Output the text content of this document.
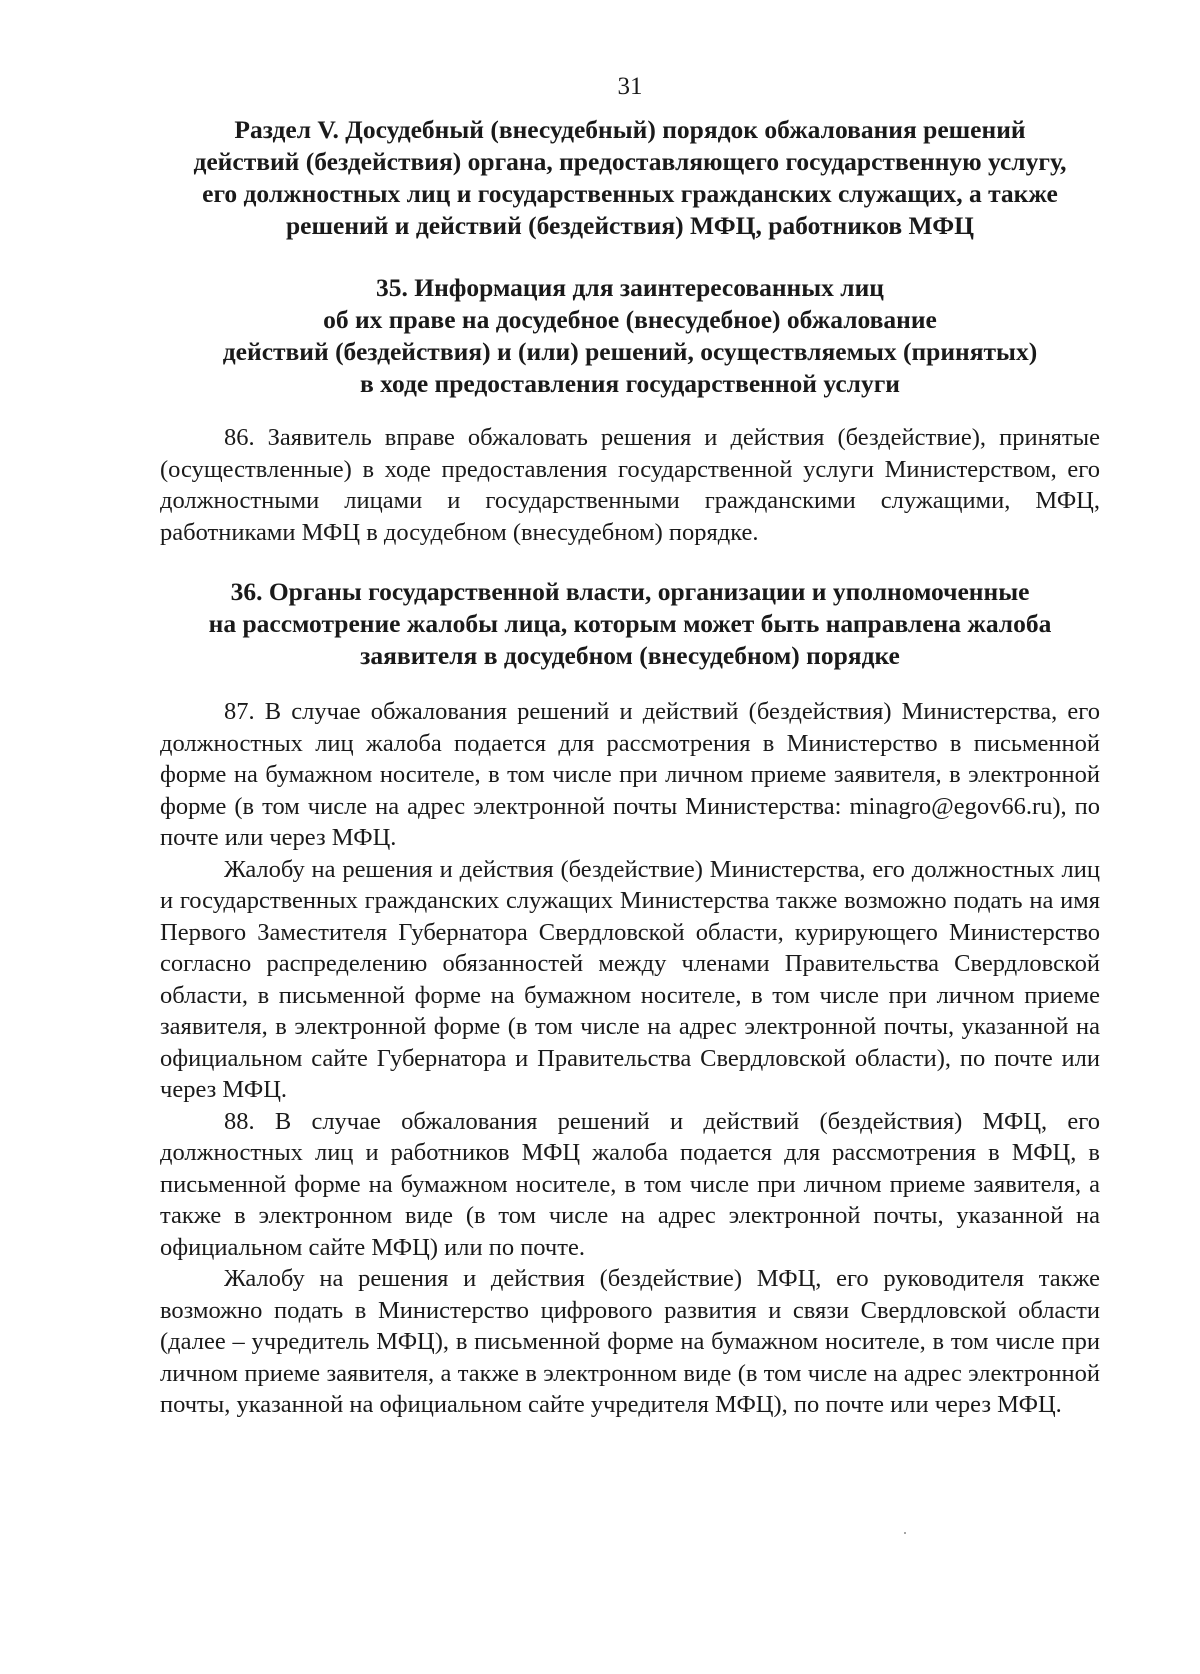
31
Раздел V. Досудебный (внесудебный) порядок обжалования решений
действий (бездействия) органа, предоставляющего государственную услугу,
его должностных лиц и государственных гражданских служащих, а также
решений и действий (бездействия) МФЦ, работников МФЦ
35. Информация для заинтересованных лиц
об их праве на досудебное (внесудебное) обжалование
действий (бездействия) и (или) решений, осуществляемых (принятых)
в ходе предоставления государственной услуги

86. Заявитель вправе обжаловать решения и действия (бездействие), принятые (осуществленные) в ходе предоставления государственной услуги Министерством, его должностными лицами и государственными гражданскими служащими, МФЦ, работниками МФЦ в досудебном (внесудебном) порядке.

36. Органы государственной власти, организации и уполномоченные
на рассмотрение жалобы лица, которым может быть направлена жалоба
заявителя в досудебном (внесудебном) порядке

87. В случае обжалования решений и действий (бездействия) Министерства, его должностных лиц жалоба подается для рассмотрения в Министерство в письменной форме на бумажном носителе, в том числе при личном приеме заявителя, в электронной форме (в том числе на адрес электронной почты Министерства: minagro@egov66.ru), по почте или через МФЦ.

Жалобу на решения и действия (бездействие) Министерства, его должностных лиц и государственных гражданских служащих Министерства также возможно подать на имя Первого Заместителя Губернатора Свердловской области, курирующего Министерство согласно распределению обязанностей между членами Правительства Свердловской области, в письменной форме на бумажном носителе, в том числе при личном приеме заявителя, в электронной форме (в том числе на адрес электронной почты, указанной на официальном сайте Губернатора и Правительства Свердловской области), по почте или через МФЦ.

88. В случае обжалования решений и действий (бездействия) МФЦ, его должностных лиц и работников МФЦ жалоба подается для рассмотрения в МФЦ, в письменной форме на бумажном носителе, в том числе при личном приеме заявителя, а также в электронном виде (в том числе на адрес электронной почты, указанной на официальном сайте МФЦ) или по почте.

Жалобу на решения и действия (бездействие) МФЦ, его руководителя также возможно подать в Министерство цифрового развития и связи Свердловской области (далее – учредитель МФЦ), в письменной форме на бумажном носителе, в том числе при личном приеме заявителя, а также в электронном виде (в том числе на адрес электронной почты, указанной на официальном сайте учредителя МФЦ), по почте или через МФЦ.
